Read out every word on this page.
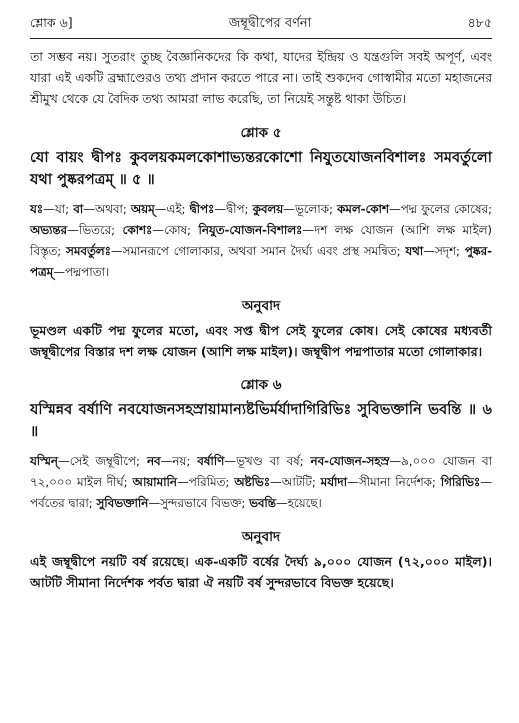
শ্লোক ৬]	জম্বূদ্বীপের বর্ণনা	৪৮৫

তা সম্ভব নয়। সুতরাং তুচ্ছ বৈজ্ঞানিকদের কি কথা, যাদের ইন্দ্রিয় ও যন্ত্রগুলি সবই অপূর্ণ, এবং যারা এই একটি ব্রহ্মাণ্ডেরও তথ্য প্রদান করতে পারে না। তাই শুকদেব গোস্বামীর মতো মহাজনের শ্রীমুখ থেকে যে বৈদিক তথ্য আমরা লাভ করেছি, তা নিয়েই সন্তুষ্ট থাকা উচিত।

শ্লোক ৫

যো বায়ং দ্বীপঃ কুবলয়কমলকোশাভ্যন্তরকোশো নিযুতযোজনবিশালঃ সমবর্তুলো যথা পুষ্করপত্রম্ ॥ ৫ ॥

যঃ—যা; বা—অথবা; অয়ম্—এই; দ্বীপঃ—দ্বীপ; কুবলয়—ভূলোক; কমল-কোশ—পদ্ম ফুলের কোষের; অভ্যন্তর—ভিতরে; কোশঃ—কোষ; নিযুত-যোজন-বিশালঃ—দশ লক্ষ যোজন (আশি লক্ষ মাইল) বিস্তৃত; সমবর্তুলঃ—সমানরূপে গোলাকার, অথবা সমান দৈর্ঘ্য এবং প্রস্থ সমন্বিত; যথা—সদৃশ; পুষ্কর-পত্রম্—পদ্মপাতা।

অনুবাদ

ভূমণ্ডল একটি পদ্ম ফুলের মতো, এবং সপ্ত দ্বীপ সেই ফুলের কোষ। সেই কোষের মধ্যবর্তী জম্বূদ্বীপের বিস্তার দশ লক্ষ যোজন (আশি লক্ষ মাইল)। জম্বূদ্বীপ পদ্মপাতার মতো গোলাকার।

শ্লোক ৬

যস্মিন্নব বর্ষাণি নবযোজনসহস্রায়ামান্যষ্টভির্মর্যাদাগিরিভিঃ সুবিভক্তানি ভবন্তি ॥ ৬ ॥

যস্মিন্—সেই জম্বূদ্বীপে; নব—নয়; বর্ষাণি—ভূখণ্ড বা বর্ষ; নব-যোজন-সহস্র—৯,০০০ যোজন বা ৭২,০০০ মাইল দীর্ঘ; আয়ামানি—পরিমিত; অষ্টভিঃ—আটটি; মর্যাদা—সীমানা নির্দেশক; গিরিভিঃ—পর্বতের দ্বারা; সুবিভক্তানি—সুন্দরভাবে বিভক্ত; ভবন্তি—হয়েছে।

অনুবাদ

এই জম্বূদ্বীপে নয়টি বর্ষ রয়েছে। এক-একটি বর্ষের দৈর্ঘ্য ৯,০০০ যোজন (৭২,০০০ মাইল)। আটটি সীমানা নির্দেশক পর্বত দ্বারা ঐ নয়টি বর্ষ সুন্দরভাবে বিভক্ত হয়েছে।
